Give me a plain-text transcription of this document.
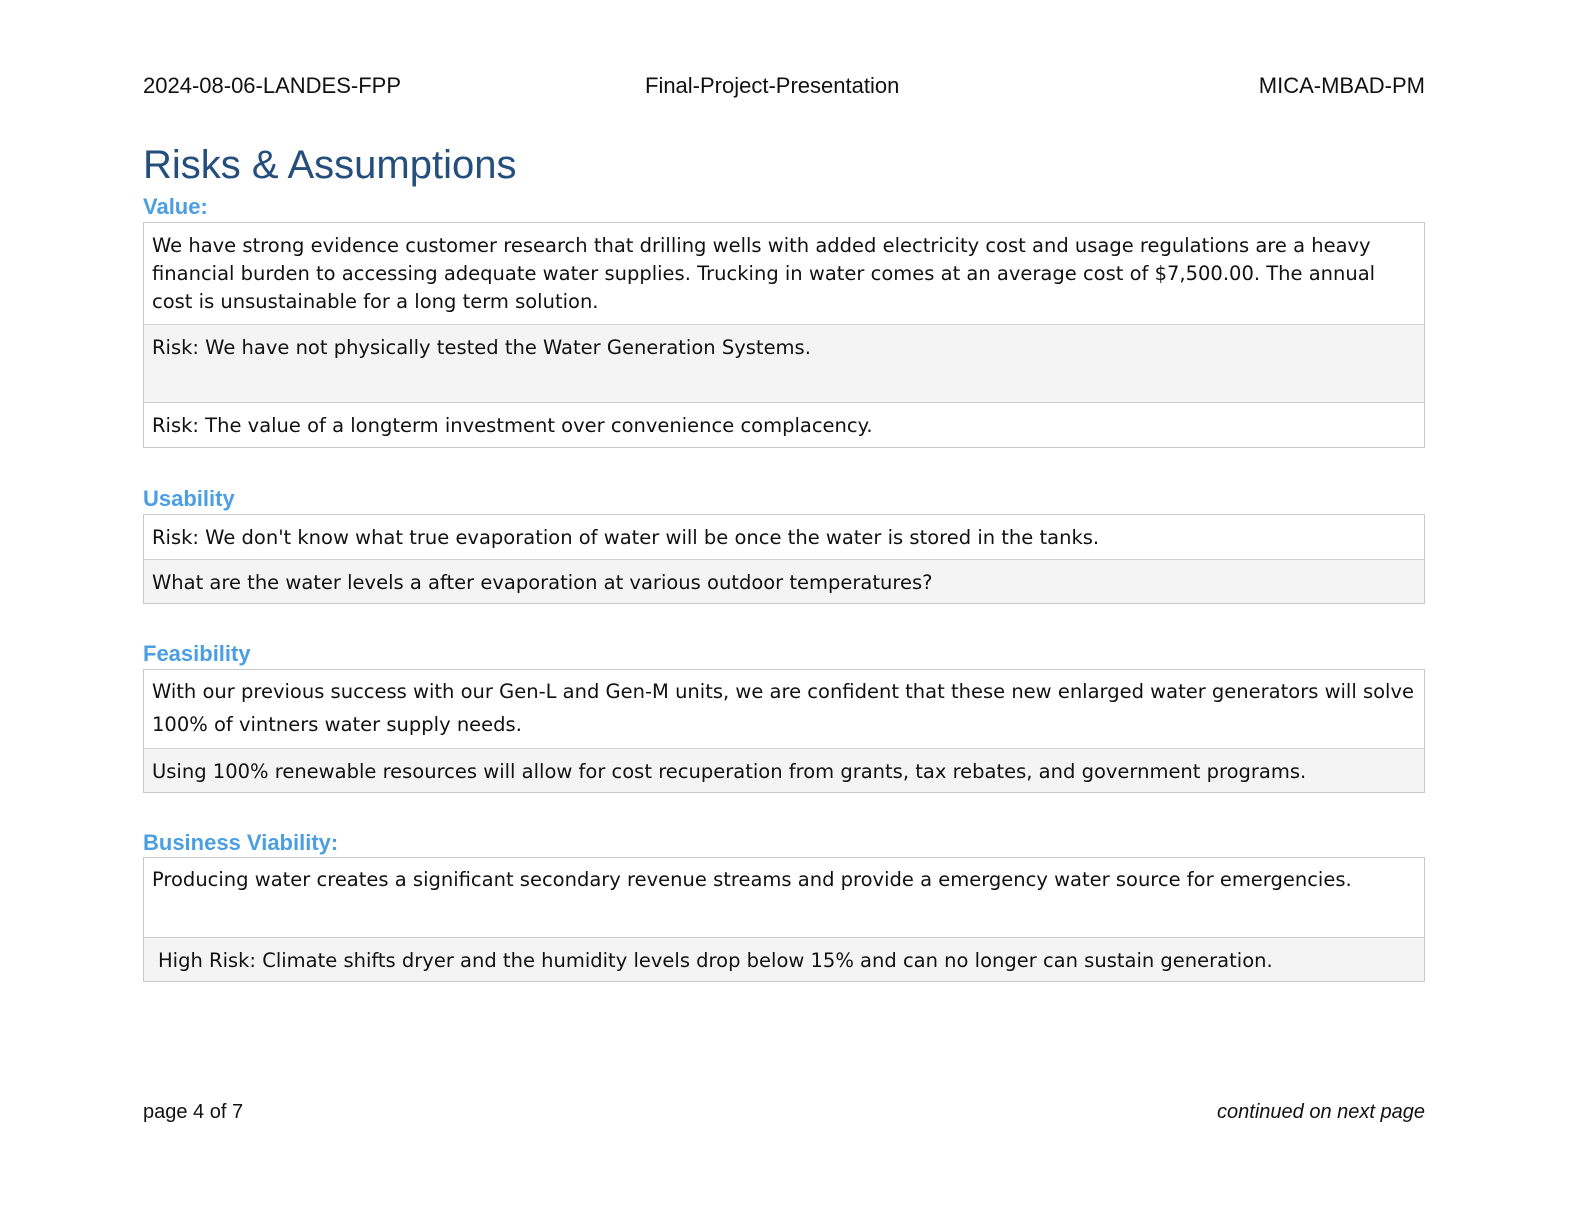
2024-08-06-LANDES-FPP	Final-Project-Presentation	MICA-MBAD-PM
Risks & Assumptions
Value:
We have strong evidence customer research that drilling wells with added electricity cost and usage regulations are a heavy financial burden to accessing adequate water supplies. Trucking in water comes at an average cost of $7,500.00. The annual cost is unsustainable for a long term solution.
Risk: We have not physically tested the Water Generation Systems.
Risk: The value of a longterm investment over convenience complacency.
Usability
Risk: We don't know what true evaporation of water will be once the water is stored in the tanks.
What are the water levels a after evaporation at various outdoor temperatures?
Feasibility
With our previous success with our Gen-L and Gen-M units, we are confident that these new enlarged water generators will solve 100% of vintners water supply needs.
Using 100% renewable resources will allow for cost recuperation from grants, tax rebates, and government programs.
Business Viability:
Producing water creates a significant secondary revenue streams and provide a emergency water source for emergencies.
High Risk: Climate shifts dryer and the humidity levels drop below 15% and can no longer can sustain generation.
page 4 of 7	continued on next page
